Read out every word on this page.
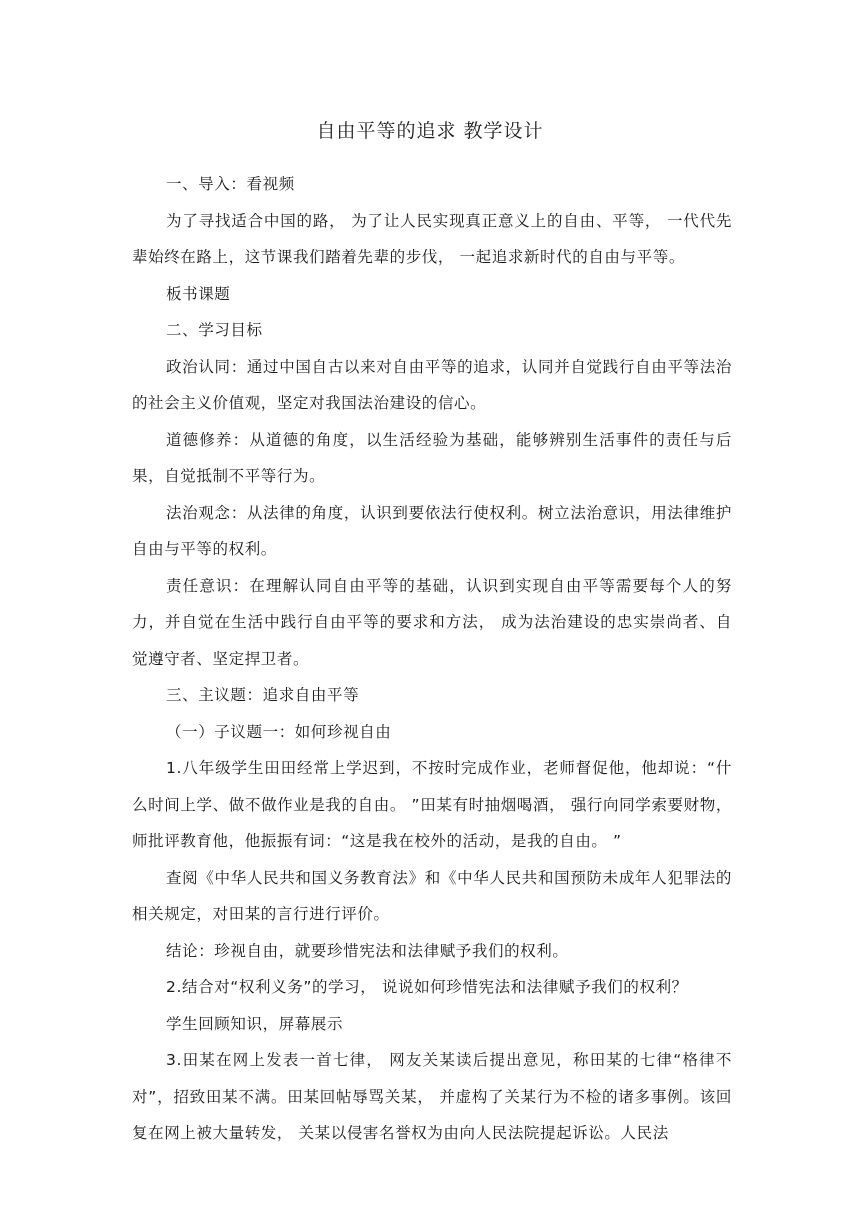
自由平等的追求 教学设计

一、导入：看视频

为了寻找适合中国的路， 为了让人民实现真正意义上的自由、平等， 一代代先辈始终在路上，这节课我们踏着先辈的步伐， 一起追求新时代的自由与平等。

板书课题

二、学习目标

政治认同：通过中国自古以来对自由平等的追求，认同并自觉践行自由平等法治的社会主义价值观，坚定对我国法治建设的信心。

道德修养：从道德的角度，以生活经验为基础，能够辨别生活事件的责任与后果，自觉抵制不平等行为。

法治观念：从法律的角度，认识到要依法行使权利。树立法治意识，用法律维护自由与平等的权利。

责任意识：在理解认同自由平等的基础，认识到实现自由平等需要每个人的努力，并自觉在生活中践行自由平等的要求和方法， 成为法治建设的忠实崇尚者、自觉遵守者、坚定捍卫者。

三、主议题：追求自由平等

（一）子议题一：如何珍视自由

1.八年级学生田田经常上学迟到，不按时完成作业，老师督促他，他却说：“什么时间上学、做不做作业是我的自由。 ”田某有时抽烟喝酒， 强行向同学索要财物，师批评教育他，他振振有词：“这是我在校外的活动，是我的自由。 ”

查阅《中华人民共和国义务教育法》和《中华人民共和国预防未成年人犯罪法的相关规定，对田某的言行进行评价。

结论：珍视自由，就要珍惜宪法和法律赋予我们的权利。

2.结合对“权利义务”的学习， 说说如何珍惜宪法和法律赋予我们的权利？

学生回顾知识，屏幕展示

3.田某在网上发表一首七律， 网友关某读后提出意见，称田某的七律“格律不对”，招致田某不满。田某回帖辱骂关某， 并虚构了关某行为不检的诸多事例。该回复在网上被大量转发， 关某以侵害名誉权为由向人民法院提起诉讼。人民法
